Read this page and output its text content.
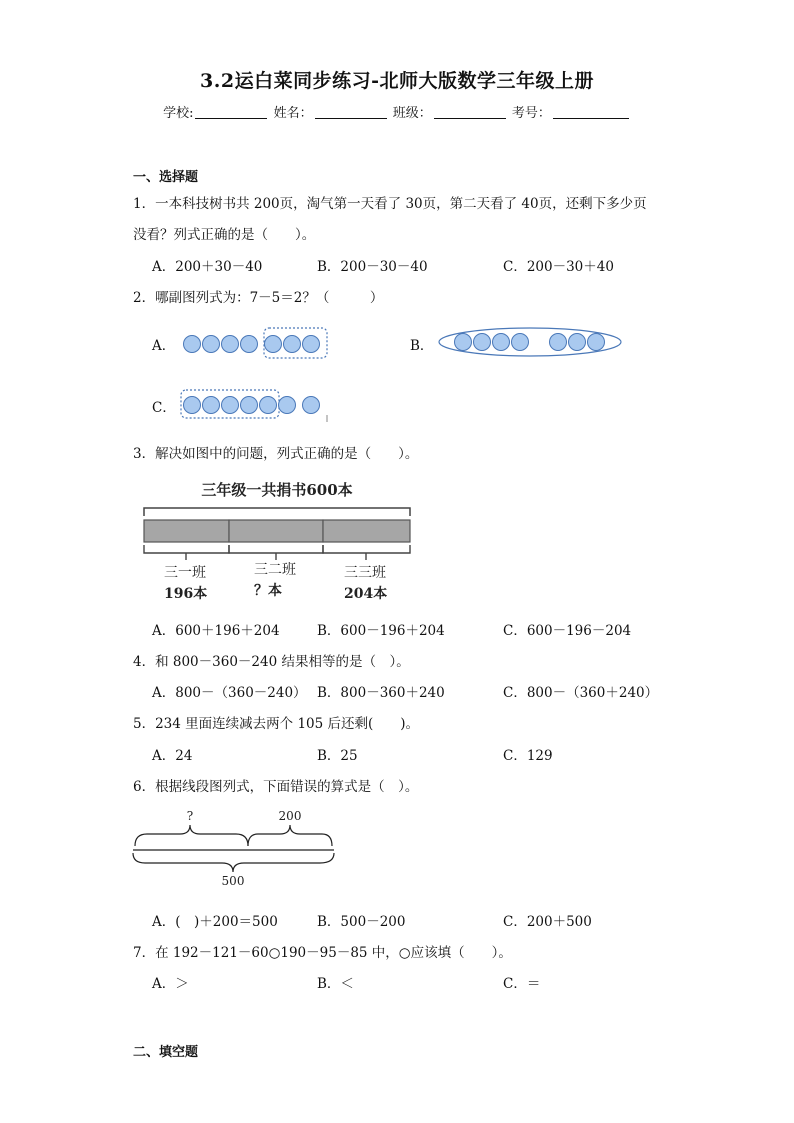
3.2运白菜同步练习-北师大版数学三年级上册
学校:	姓名：	班级：	考号：
一、选择题
1．一本科技树书共 200页，淘气第一天看了 30页，第二天看了 40页，还剩下多少页
没看？列式正确的是（　　）。
A．200＋30－40	B．200－30－40	C．200－30＋40
2．哪副图列式为：7－5＝2？（　　　）
A．	B．
C．
3．解决如图中的问题，列式正确的是（　　）。
三年级一共捐书600本
三一班
196本
三二班
？本
三三班
204本
A．600＋196＋204	B．600－196＋204	C．600－196－204
4．和 800－360－240 结果相等的是（　）。
A．800－（360－240） B．800－360＋240	C．800－（360＋240）
5．234 里面连续减去两个 105 后还剩(　　)。
A．24	B．25	C．129
6．根据线段图列式，下面错误的算式是（　）。
?	200
500
A．(　)＋200＝500	B．500－200	C．200＋500
7．在 192－121－60○190－95－85 中，○应该填（　　）。
A．＞	B．＜	C．＝
二、填空题
